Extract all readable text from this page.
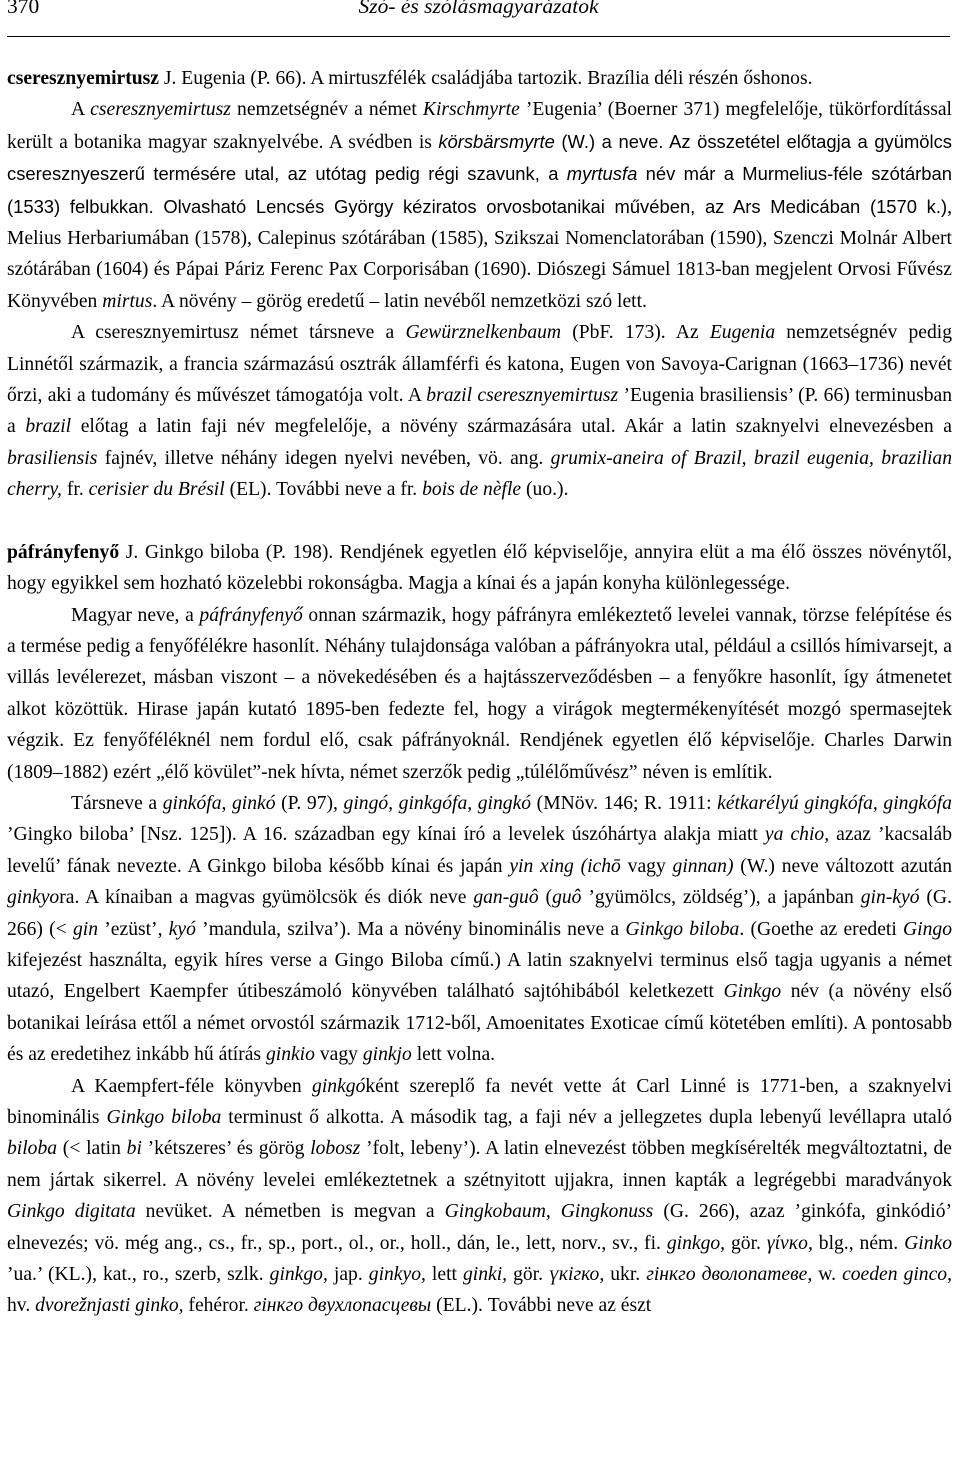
370	Szó- és szólásmagyarázatok

cseresznyemirtusz J. Eugenia (P. 66). A mirtuszfélék családjába tartozik. Brazília déli részén őshonos.

A cseresznyemirtusz nemzetségnév a német Kirschmyrte ’Eugenia’ (Boerner 371) megfelelője, tükörfordítással került a botanika magyar szaknyelvébe. A svédben is körsbärsmyrte (W.) a neve. Az összetétel előtagja a gyümölcs cseresznyeszerű termésére utal, az utótag pedig régi szavunk, a myrtusfa név már a Murmelius-féle szótárban (1533) felbukkan. Olvasható Lencsés György kéziratos orvosbotanikai művében, az Ars Medicában (1570 k.), Melius Herbariumában (1578), Calepinus szótárában (1585), Szikszai Nomenclatorában (1590), Szenczi Molnár Albert szótárában (1604) és Pápai Páriz Ferenc Pax Corporisában (1690). Diószegi Sámuel 1813-ban megjelent Orvosi Fűvész Könyvében mirtus. A növény – görög eredetű – latin nevéből nemzetközi szó lett.

A cseresznyemirtusz német társneve a Gewürznelkenbaum (PbF. 173). Az Eugenia nemzetségnév pedig Linnétől származik, a francia származású osztrák államférfi és katona, Eugen von Savoya-Carignan (1663–1736) nevét őrzi, aki a tudomány és művészet támogatója volt. A brazil cseresznyemirtusz ’Eugenia brasiliensis’ (P. 66) terminusban a brazil előtag a latin faji név megfelelője, a növény származására utal. Akár a latin szaknyelvi elnevezésben a brasiliensis fajnév, illetve néhány idegen nyelvi nevében, vö. ang. grumix-aneira of Brazil, brazil eugenia, brazilian cherry, fr. cerisier du Brésil (EL). További neve a fr. bois de nèfle (uo.).

páfrányfenyő J. Ginkgo biloba (P. 198). Rendjének egyetlen élő képviselője, annyira elüt a ma élő összes növénytől, hogy egyikkel sem hozható közelebbi rokonságba. Magja a kínai és a japán konyha különlegessége.

Magyar neve, a páfrányfenyő onnan származik, hogy páfrányra emlékeztető levelei vannak, törzse felépítése és a termése pedig a fenyőfélékre hasonlít. Néhány tulajdonsága valóban a páfrányokra utal, például a csillós hímivarsejt, a villás levélerezet, másban viszont – a növekedésében és a hajtásszerveződésben – a fenyőkre hasonlít, így átmenetet alkot közöttük. Hirase japán kutató 1895-ben fedezte fel, hogy a virágok megtermékenyítését mozgó spermasejtek végzik. Ez fenyőféléknél nem fordul elő, csak páfrányoknál. Rendjének egyetlen élő képviselője. Charles Darwin (1809–1882) ezért „élő kövület”-nek hívta, német szerzők pedig „túlélőművész” néven is említik.

Társneve a ginkófa, ginkó (P. 97), gingó, ginkgófa, gingkó (MNöv. 146; R. 1911: kétkarélyú gingkófa, gingkófa ’Gingko biloba’ [Nsz. 125]). A 16. században egy kínai író a levelek úszóhártya alakja miatt ya chio, azaz ’kacsaláb levelű’ fának nevezte. A Ginkgo biloba később kínai és japán yin xing (ichō vagy ginnan) (W.) neve változott azután ginkyora. A kínaiban a magvas gyümölcsök és diók neve gan-guô (guô ’gyümölcs, zöldség’), a japánban gin-kyó (G. 266) (< gin ’ezüst’, kyó ’mandula, szilva’). Ma a növény binominális neve a Ginkgo biloba. (Goethe az eredeti Gingo kifejezést használta, egyik híres verse a Gingo Biloba című.) A latin szaknyelvi terminus első tagja ugyanis a német utazó, Engelbert Kaempfer útibeszámoló könyvében található sajtóhibából keletkezett Ginkgo név (a növény első botanikai leírása ettől a német orvostól származik 1712-ből, Amoenitates Exoticae című kötetében említi). A pontosabb és az eredetihez inkább hű átírás ginkio vagy ginkjo lett volna.

A Kaempfert-féle könyvben ginkgóként szereplő fa nevét vette át Carl Linné is 1771-ben, a szaknyelvi binominális Ginkgo biloba terminust ő alkotta. A második tag, a faji név a jellegzetes dupla lebenyű levéllapra utaló biloba (< latin bi ’kétszeres’ és görög lobosz ’folt, lebeny’). A latin elnevezést többen megkísérelték megváltoztatni, de nem jártak sikerrel. A növény levelei emlékeztetnek a szétnyitott ujjakra, innen kapták a legrégebbi maradványok Ginkgo digitata nevüket. A németben is megvan a Gingkobaum, Gingkonuss (G. 266), azaz ’ginkófa, ginkódió’ elnevezés; vö. még ang., cs., fr., sp., port., ol., or., holl., dán, le., lett, norv., sv., fi. ginkgo, gör. γίνκο, blg., ném. Ginko ’ua.’ (KL.), kat., ro., szerb, szlk. ginkgo, jap. ginkyo, lett ginki, gör. үкігко, ukr. гінкго дволопатеве, w. coeden ginco, hv. dvorežnjasti ginko, fehéror. гінкго двухлопасцевы (EL.). További neve az észt
